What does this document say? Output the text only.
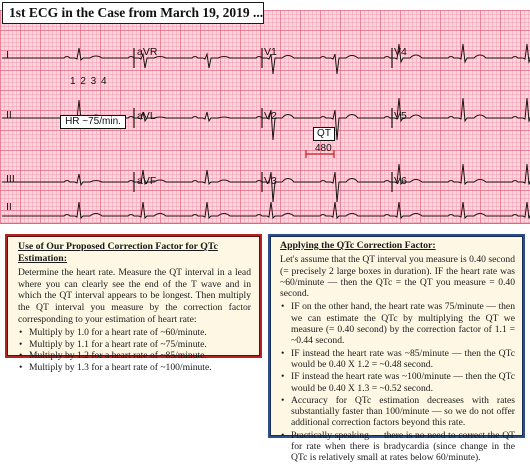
I	aVR	V1	V4
II	aVL	V2	V5
III	aVF	V3	V6
II
1 2 3 4
HR ~75/min.
QT
480
1st ECG in the Case from March 19, 2019 ...
Use of Our Proposed Correction Factor for QTc Estimation:

Determine the heart rate. Measure the QT interval in a lead where you can clearly see the end of the T wave and in which the QT interval appears to be longest. Then multiply the QT interval you measure by the correction factor corresponding to your estimation of heart rate:

• Multiply by 1.0 for a heart rate of ~60/minute.
• Multiply by 1.1 for a heart rate of ~75/minute.
• Multiply by 1.2 for a heart rate of ~85/minute.
• Multiply by 1.3 for a heart rate of ~100/minute.
Applying the QTc Correction Factor:

Let's assume that the QT interval you measure is 0.40 second (= precisely 2 large boxes in duration). IF the heart rate was ~60/minute — then the QTc = the QT you measure = 0.40 second.

• IF on the other hand, the heart rate was 75/minute — then we can estimate the QTc by multiplying the QT we measure (= 0.40 second) by the correction factor of 1.1 = ~0.44 second.
• IF instead the heart rate was ~85/minute — then the QTc would be 0.40 X 1.2 = ~0.48 second.
• IF instead the heart rate was ~100/minute — then the QTc would be 0.40 X 1.3 = ~0.52 second.
• Accuracy for QTc estimation decreases with rates substantially faster than 100/minute — so we do not offer additional correction factors beyond this rate.
• Practically speaking — there is no need to correct the QT for rate when there is bradycardia (since change in the QTc is relatively small at rates below 60/minute).
